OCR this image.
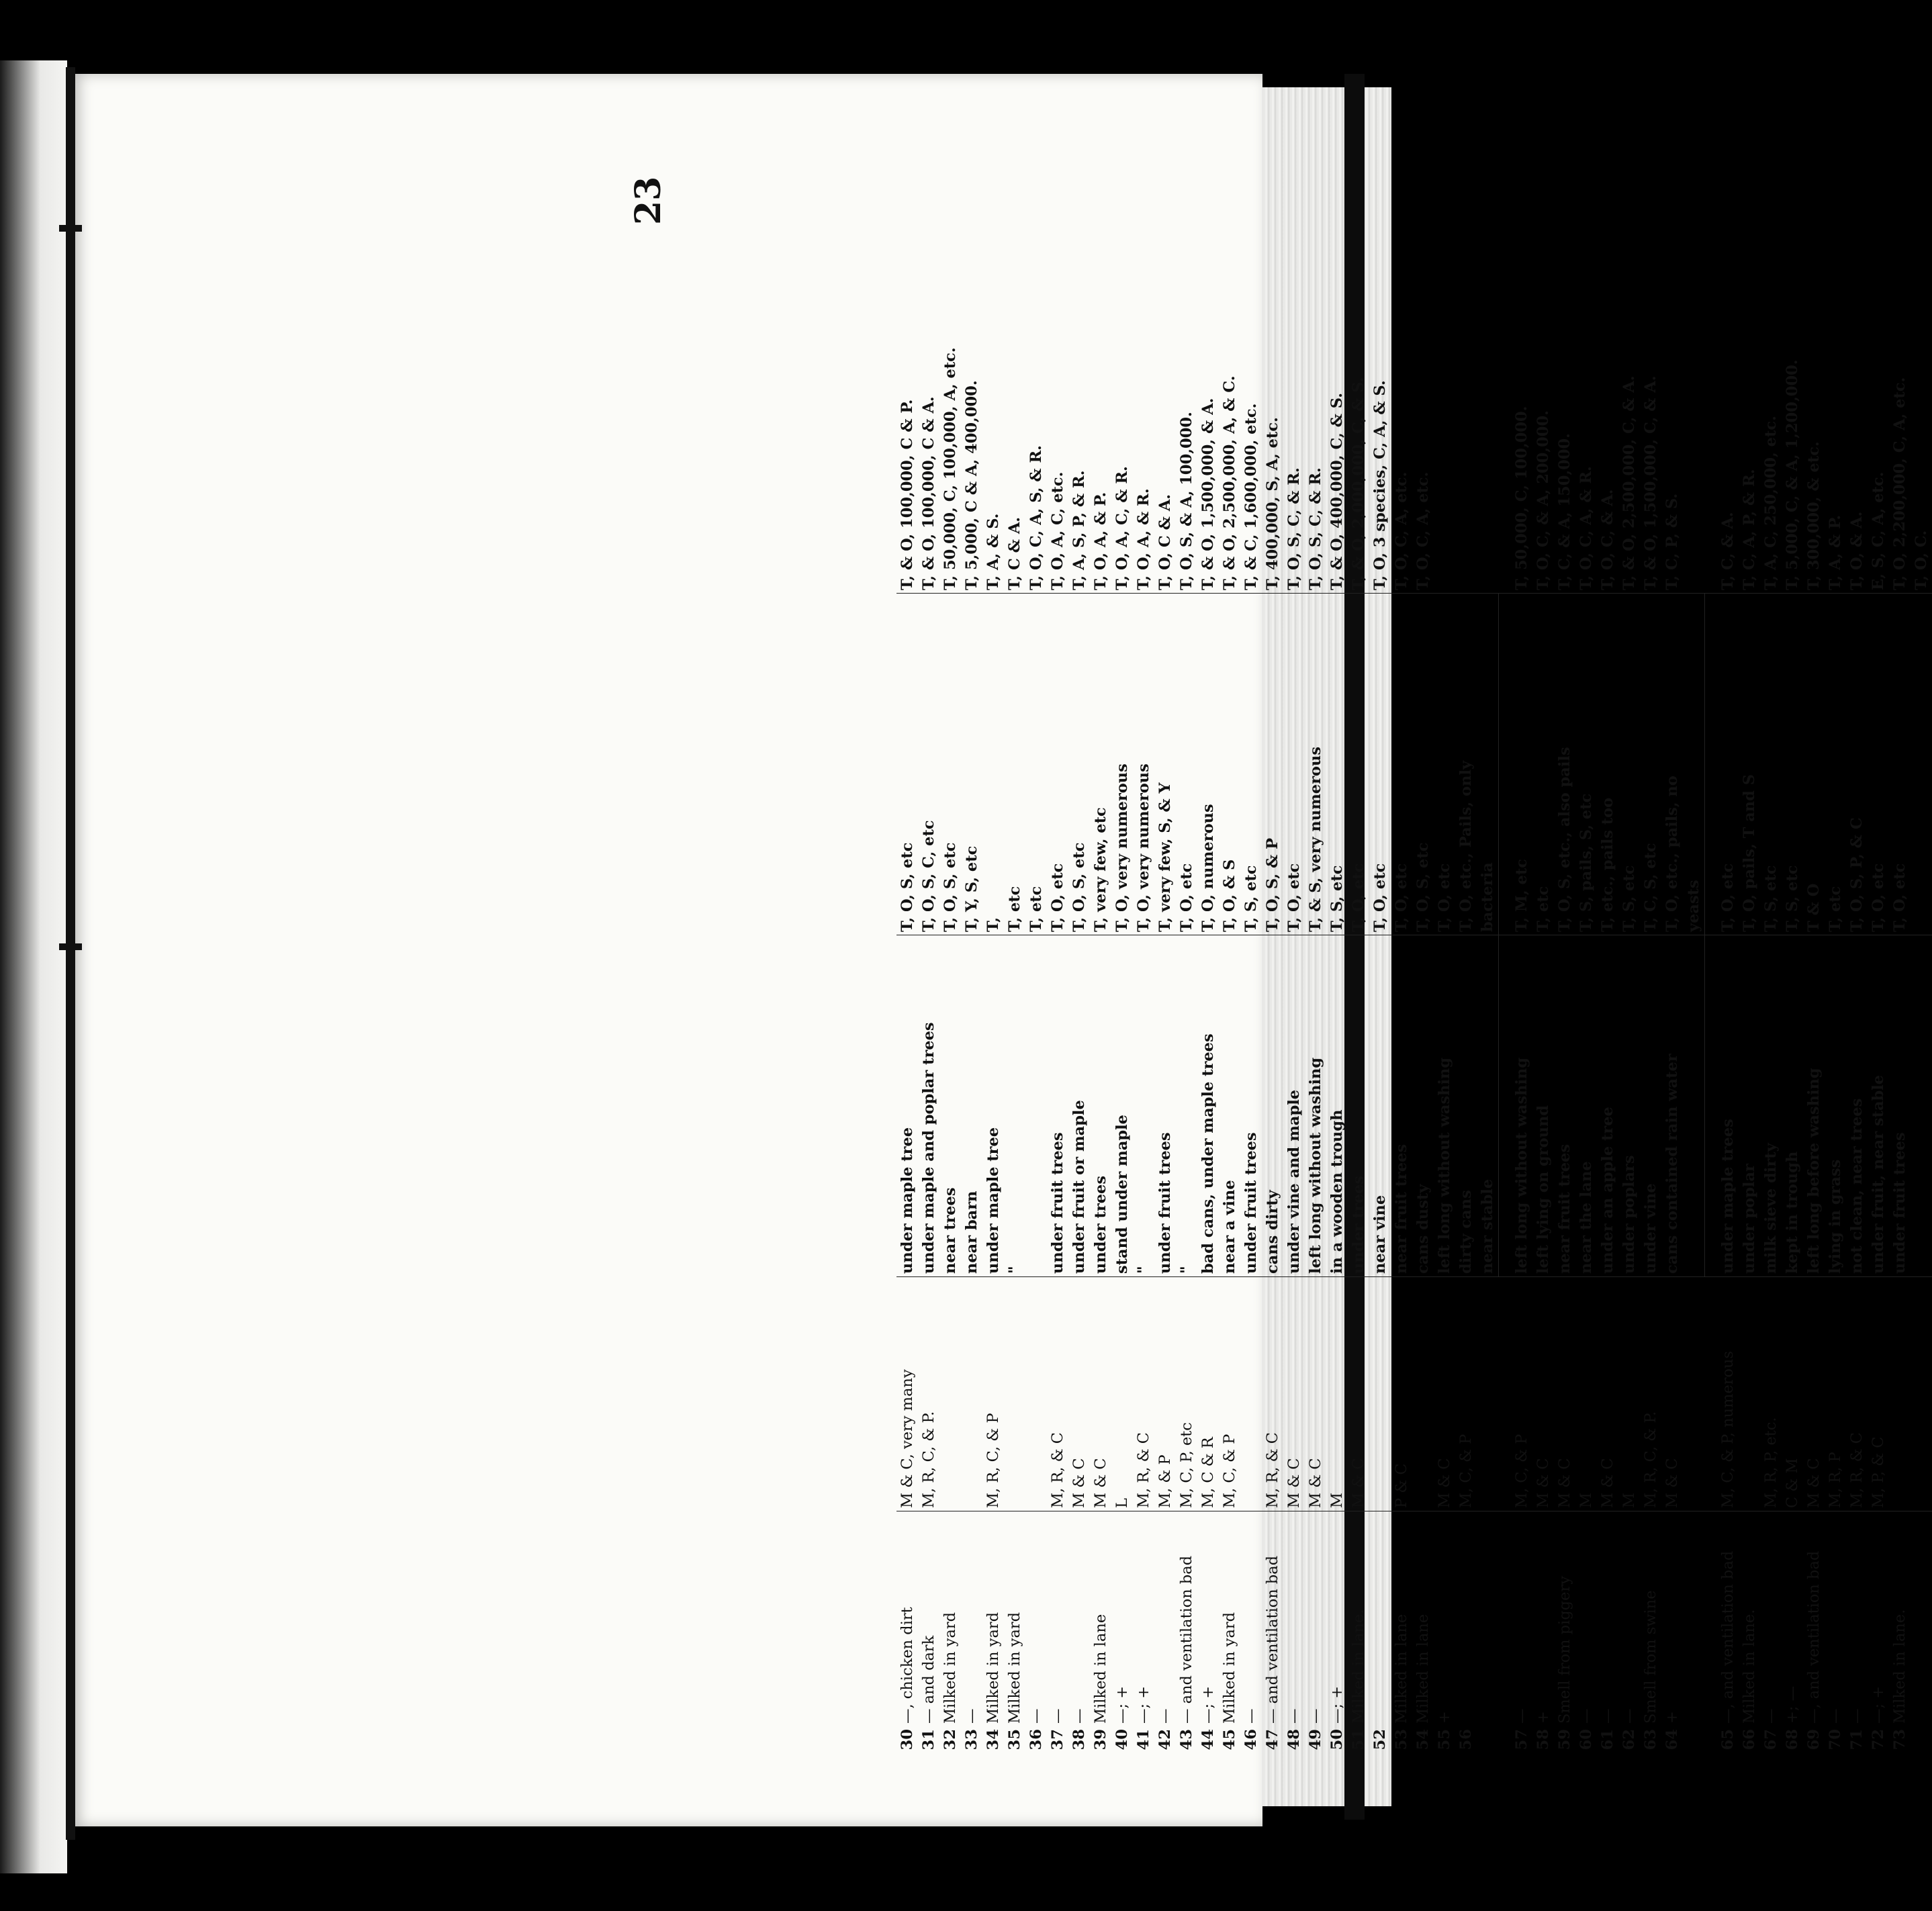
23
30	—, chicken dirt	M & C, very many	under maple tree	T, O, S, etc	T, & O, 100,000, C & P.
31	— and dark	M, R, C, & P.	under maple and poplar trees	T, O, S, C, etc	T, & O, 100,000, C & A.
32	Milked in yard		near trees	T, O, S, etc	T, 50,000, C, 100,000, A, etc.
33	—		near barn	T, Y, S, etc	T, 5,000, C & A, 400,000.
34	Milked in yard	M, R, C, & P	under maple tree	T,	T, A, & S.
35	Milked in yard		"	T, etc	T, C & A.
36	—			T, etc	T, O, C, A, S, & R.
37	—	M, R, & C	under fruit trees	T, O, etc	T, O, A, C, etc.
38	—	M & C	under fruit or maple	T, O, S, etc	T, A, S, P, & R.
39	Milked in lane	M & C	under trees	T, very few, etc	T, O, A, & P.
40	—; +	L	stand under maple	T, O, very numerous	T, O, A, C, & R.
41	—; +	M, R, & C	"	T, O, very numerous	T, O, A, & R.
42	—	M, & P	under fruit trees	T, very few, S, & Y	T, O, C & A.
43	— and ventilation bad	M, C, P, etc	"	T, O, etc	T, O, S, & A, 100,000.
44	—; +	M, C & R	bad cans, under maple trees	T, O, numerous	T, & O, 1,500,000, & A.
45	Milked in yard	M, C, & P	near a vine	T, O, & S	T, & O, 2,500,000, A, & C.
46	—		under fruit trees	T, S, etc	T, & C, 1,600,000, etc.
47	— and ventilation bad	M, R, & C	cans dirty	T, O, S, & P	T, 400,000, S, A, etc.
48	—	M & C	under vine and maple	T, O, etc	T, O, S, C, & R.
49	—	M & C	left long without washing	T, & S, very numerous	T, O, S, C, & R.
50	—; +	M	in a wooden trough	T, S, etc	T, & O, 400,000, C, & S.
51	Milked in lane.	M & C	under trees	T, O, etc	T, & O, 2,000,000, C, & S.
52			near vine	T, O, etc	T, O, 3 species, C, A, & S.
53	Milked in lane	P & C	near fruit trees	T, O, etc	T, O, C, A, etc.
54	Milked in lane		cans dusty	T, O, S, etc	T, O, C, A, etc.
55	+	M & C	left long without washing	T, O, etc	
56		M, C, & P	dirty cans	T, O, etc., Pails, only	
			near stable	bacteria	
57	—	M, C, & P	left long without washing	T, M, etc	T, 50,000, C, 100,000.
58	+	M & C	left lying on ground	T, etc	T, O, C, & A, 200,000.
59	Smell from piggery	M & C	near fruit trees	T, O, S, etc., also pails	T, C, & A, 150,000.
60	—	M	near the lane	T, S, pails, S, etc	T, O, C, A, & R.
61	—	M & C	under an apple tree	T, etc., pails too	T, O, C, & A.
62	—	M	under poplars	T, S, etc	T, & O, 2,500,000, C, & A.
63	Smell from swine	M, R, C, & P.	under vine	T, C, S, etc	T, & O, 1,500,000, C, & A.
64	+	M & C	cans contained rain water	T, O, etc., pails, no	T, C, P, & S.
				yeasts	
65	—, and ventilation bad	M, C, & P, numerous	under maple trees	T, O, etc	T, C, & A.
66	Milked in lane.		under poplar	T, O, pails, T and S	T, C, A, P, & R.
67	—	M, R, P, etc.	milk sieve dirty	T, S, etc	T, A, C, 250,000, etc.
68	+; —	C & M	kept in trough	T, S, etc	T, 5,000, C, & A, 1,200,000.
69	—, and ventilation bad	M & C	left long before washing	T & O	T, 300,000, & etc.
70	—	M, R, P	lying in grass	T, etc	T, A, & P.
71	—	M, R, & C	not clean, near trees	T, O, S, P, & C	T, O, & A.
72	—; +	M, P, & C	under fruit, near stable	T, O, etc	E, S, C, A, etc.
73	Milked in lane.		under fruit trees	T, O, etc	T, O, 2,200,000, C, A, etc.
					T, O, C.
